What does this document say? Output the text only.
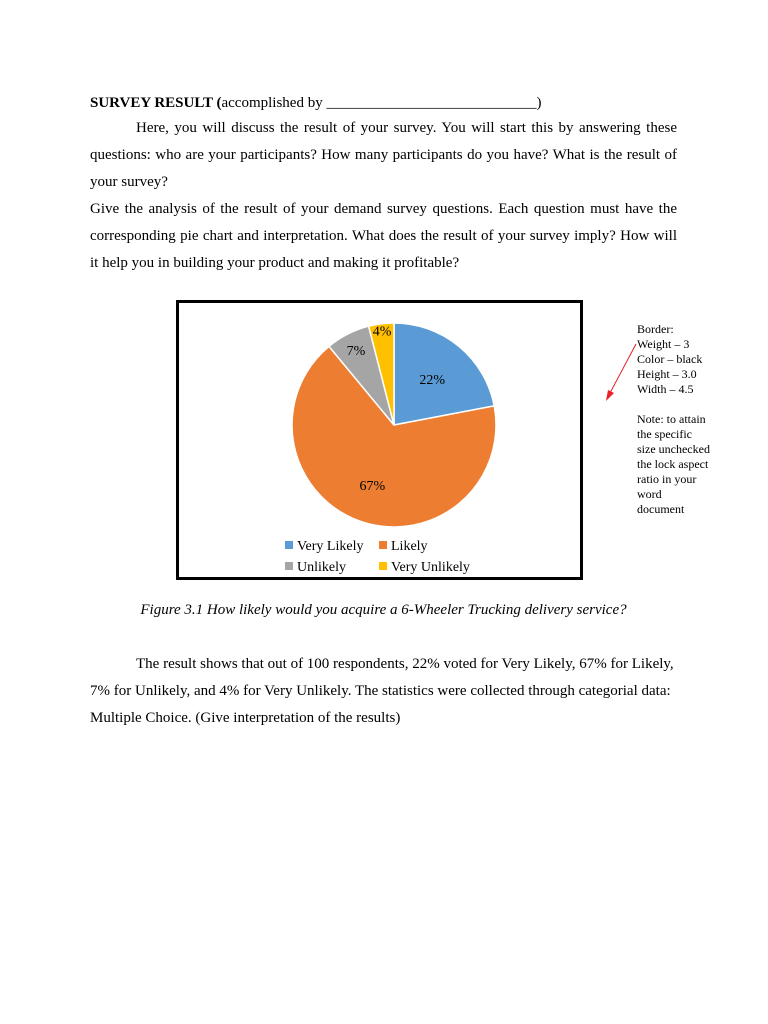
SURVEY RESULT (accomplished by ____________________________)

Here, you will discuss the result of your survey. You will start this by answering these questions: who are your participants? How many participants do you have? What is the result of your survey?

Give the analysis of the result of your demand survey questions. Each question must have the corresponding pie chart and interpretation. What does the result of your survey imply? How will it help you in building your product and making it profitable?

22%
67%
7%
4%
Very Likely Likely
Unlikely	Very Unlikely
Border:
Weight – 3
Color – black
Height – 3.0
Width – 4.5
Note: to attain
the specific
size unchecked
the lock aspect
ratio in your
word
document
Figure 3.1 How likely would you acquire a 6-Wheeler Trucking delivery service?

The result shows that out of 100 respondents, 22% voted for Very Likely, 67% for Likely, 7% for Unlikely, and 4% for Very Unlikely. The statistics were collected through categorial data: Multiple Choice. (Give interpretation of the results)
